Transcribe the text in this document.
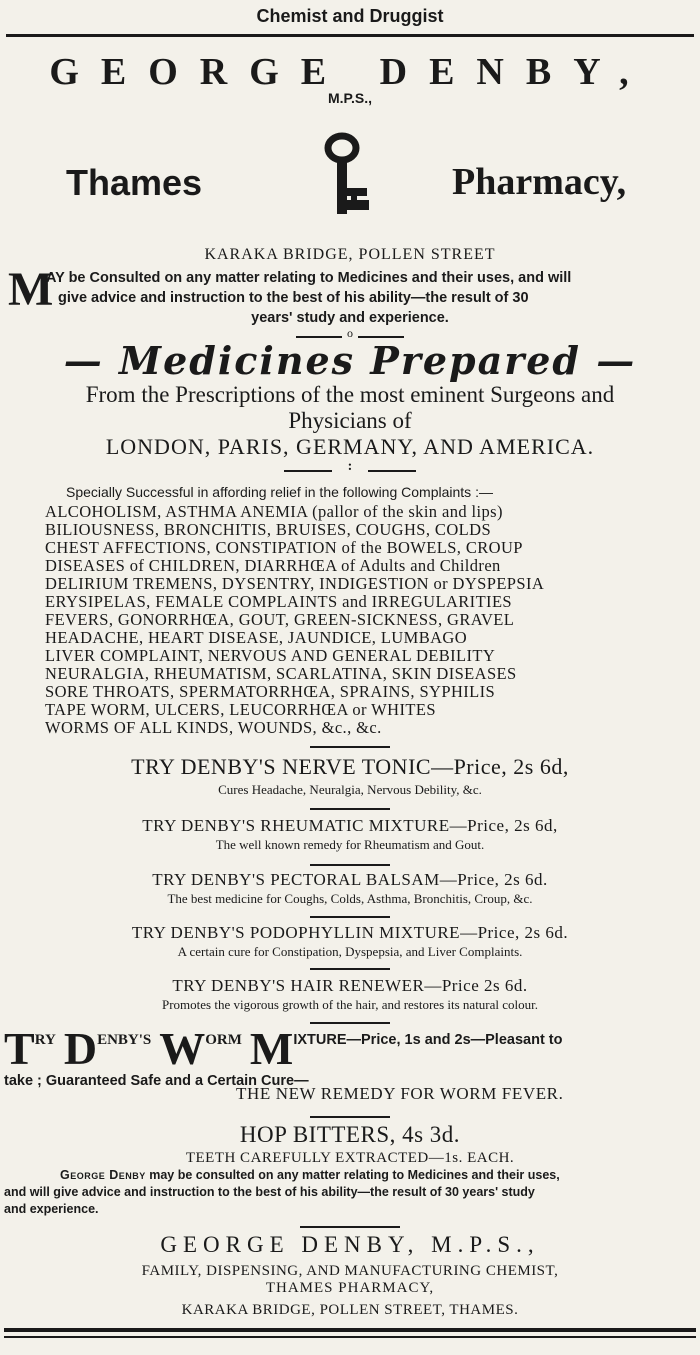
Chemist and Druggist
GEORGE DENBY,
M.P.S.,
Thames	Pharmacy,
KARAKA BRIDGE, POLLEN STREET
M
AY be Consulted on any matter relating to Medicines and their uses, and will
give advice and instruction to the best of his ability—the result of 30
years' study and experience.
o
— Medicines Prepared —
From the Prescriptions of the most eminent Surgeons and
Physicians of
LONDON, PARIS, GERMANY, AND AMERICA.
:
Specially Successful in affording relief in the following Complaints :—
ALCOHOLISM, ASTHMA ANEMIA (pallor of the skin and lips)
BILIOUSNESS, BRONCHITIS, BRUISES, COUGHS, COLDS
CHEST AFFECTIONS, CONSTIPATION of the BOWELS, CROUP
DISEASES of CHILDREN, DIARRHŒA of Adults and Children
DELIRIUM TREMENS, DYSENTRY, INDIGESTION or DYSPEPSIA
ERYSIPELAS, FEMALE COMPLAINTS and IRREGULARITIES
FEVERS, GONORRHŒA, GOUT, GREEN-SICKNESS, GRAVEL
HEADACHE, HEART DISEASE, JAUNDICE, LUMBAGO
LIVER COMPLAINT, NERVOUS AND GENERAL DEBILITY
NEURALGIA, RHEUMATISM, SCARLATINA, SKIN DISEASES
SORE THROATS, SPERMATORRHŒA, SPRAINS, SYPHILIS
TAPE WORM, ULCERS, LEUCORRHŒA or WHITES
WORMS OF ALL KINDS, WOUNDS, &c., &c.
TRY DENBY'S NERVE TONIC—Price, 2s 6d,
Cures Headache, Neuralgia, Nervous Debility, &c.
TRY DENBY'S RHEUMATIC MIXTURE—Price, 2s 6d,
The well known remedy for Rheumatism and Gout.
TRY DENBY'S PECTORAL BALSAM—Price, 2s 6d.
The best medicine for Coughs, Colds, Asthma, Bronchitis, Croup, &c.
TRY DENBY'S PODOPHYLLIN MIXTURE—Price, 2s 6d.
A certain cure for Constipation, Dyspepsia, and Liver Complaints.
TRY DENBY'S HAIR RENEWER—Price 2s 6d.
Promotes the vigorous growth of the hair, and restores its natural colour.
TRY DENBY'S WORM MIXTURE—Price, 1s and 2s—Pleasant to
take ; Guaranteed Safe and a Certain Cure—
THE NEW REMEDY FOR WORM FEVER.
HOP BITTERS, 4s 3d.
TEETH CAREFULLY EXTRACTED—1s. EACH.
George Denby may be consulted on any matter relating to Medicines and their uses,
and will give advice and instruction to the best of his ability—the result of 30 years' study
and experience.
GEORGE DENBY, M.P.S.,
FAMILY, DISPENSING, AND MANUFACTURING CHEMIST,
THAMES PHARMACY,
KARAKA BRIDGE, POLLEN STREET, THAMES.
